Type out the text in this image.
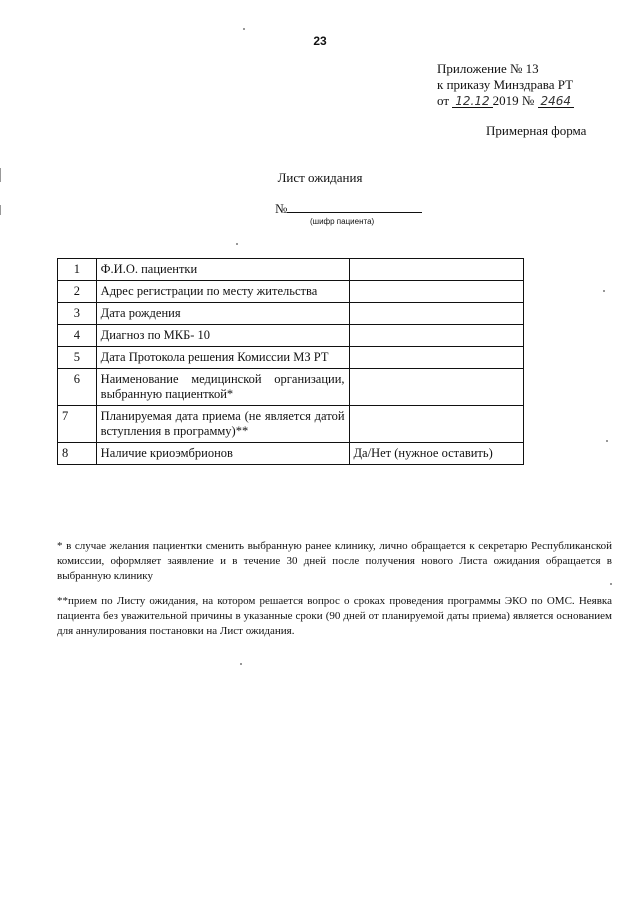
23
Приложение № 13
к приказу Минздрава РТ
от 12.12 2019 № 2464
Примерная форма
Лист ожидания
№
(шифр пациента)
1	Ф.И.О. пациентки	
2	Адрес регистрации по месту жительства	
3	Дата рождения	
4	Диагноз по МКБ- 10	
5	Дата Протокола решения Комиссии МЗ РТ	
6	Наименование медицинской организации, выбранную пациенткой*	
7	Планируемая дата приема (не является датой вступления в программу)**	
8	Наличие криоэмбрионов	Да/Нет (нужное оставить)
* в случае желания пациентки сменить выбранную ранее клинику, лично обращается к секретарю Республиканской комиссии, оформляет заявление и в течение 30 дней после получения нового Листа ожидания обращается в выбранную клинику
**прием по Листу ожидания, на котором решается вопрос о сроках проведения программы ЭКО по ОМС. Неявка пациента без уважительной причины в указанные сроки (90 дней от планируемой даты приема) является основанием для аннулирования постановки на Лист ожидания.
